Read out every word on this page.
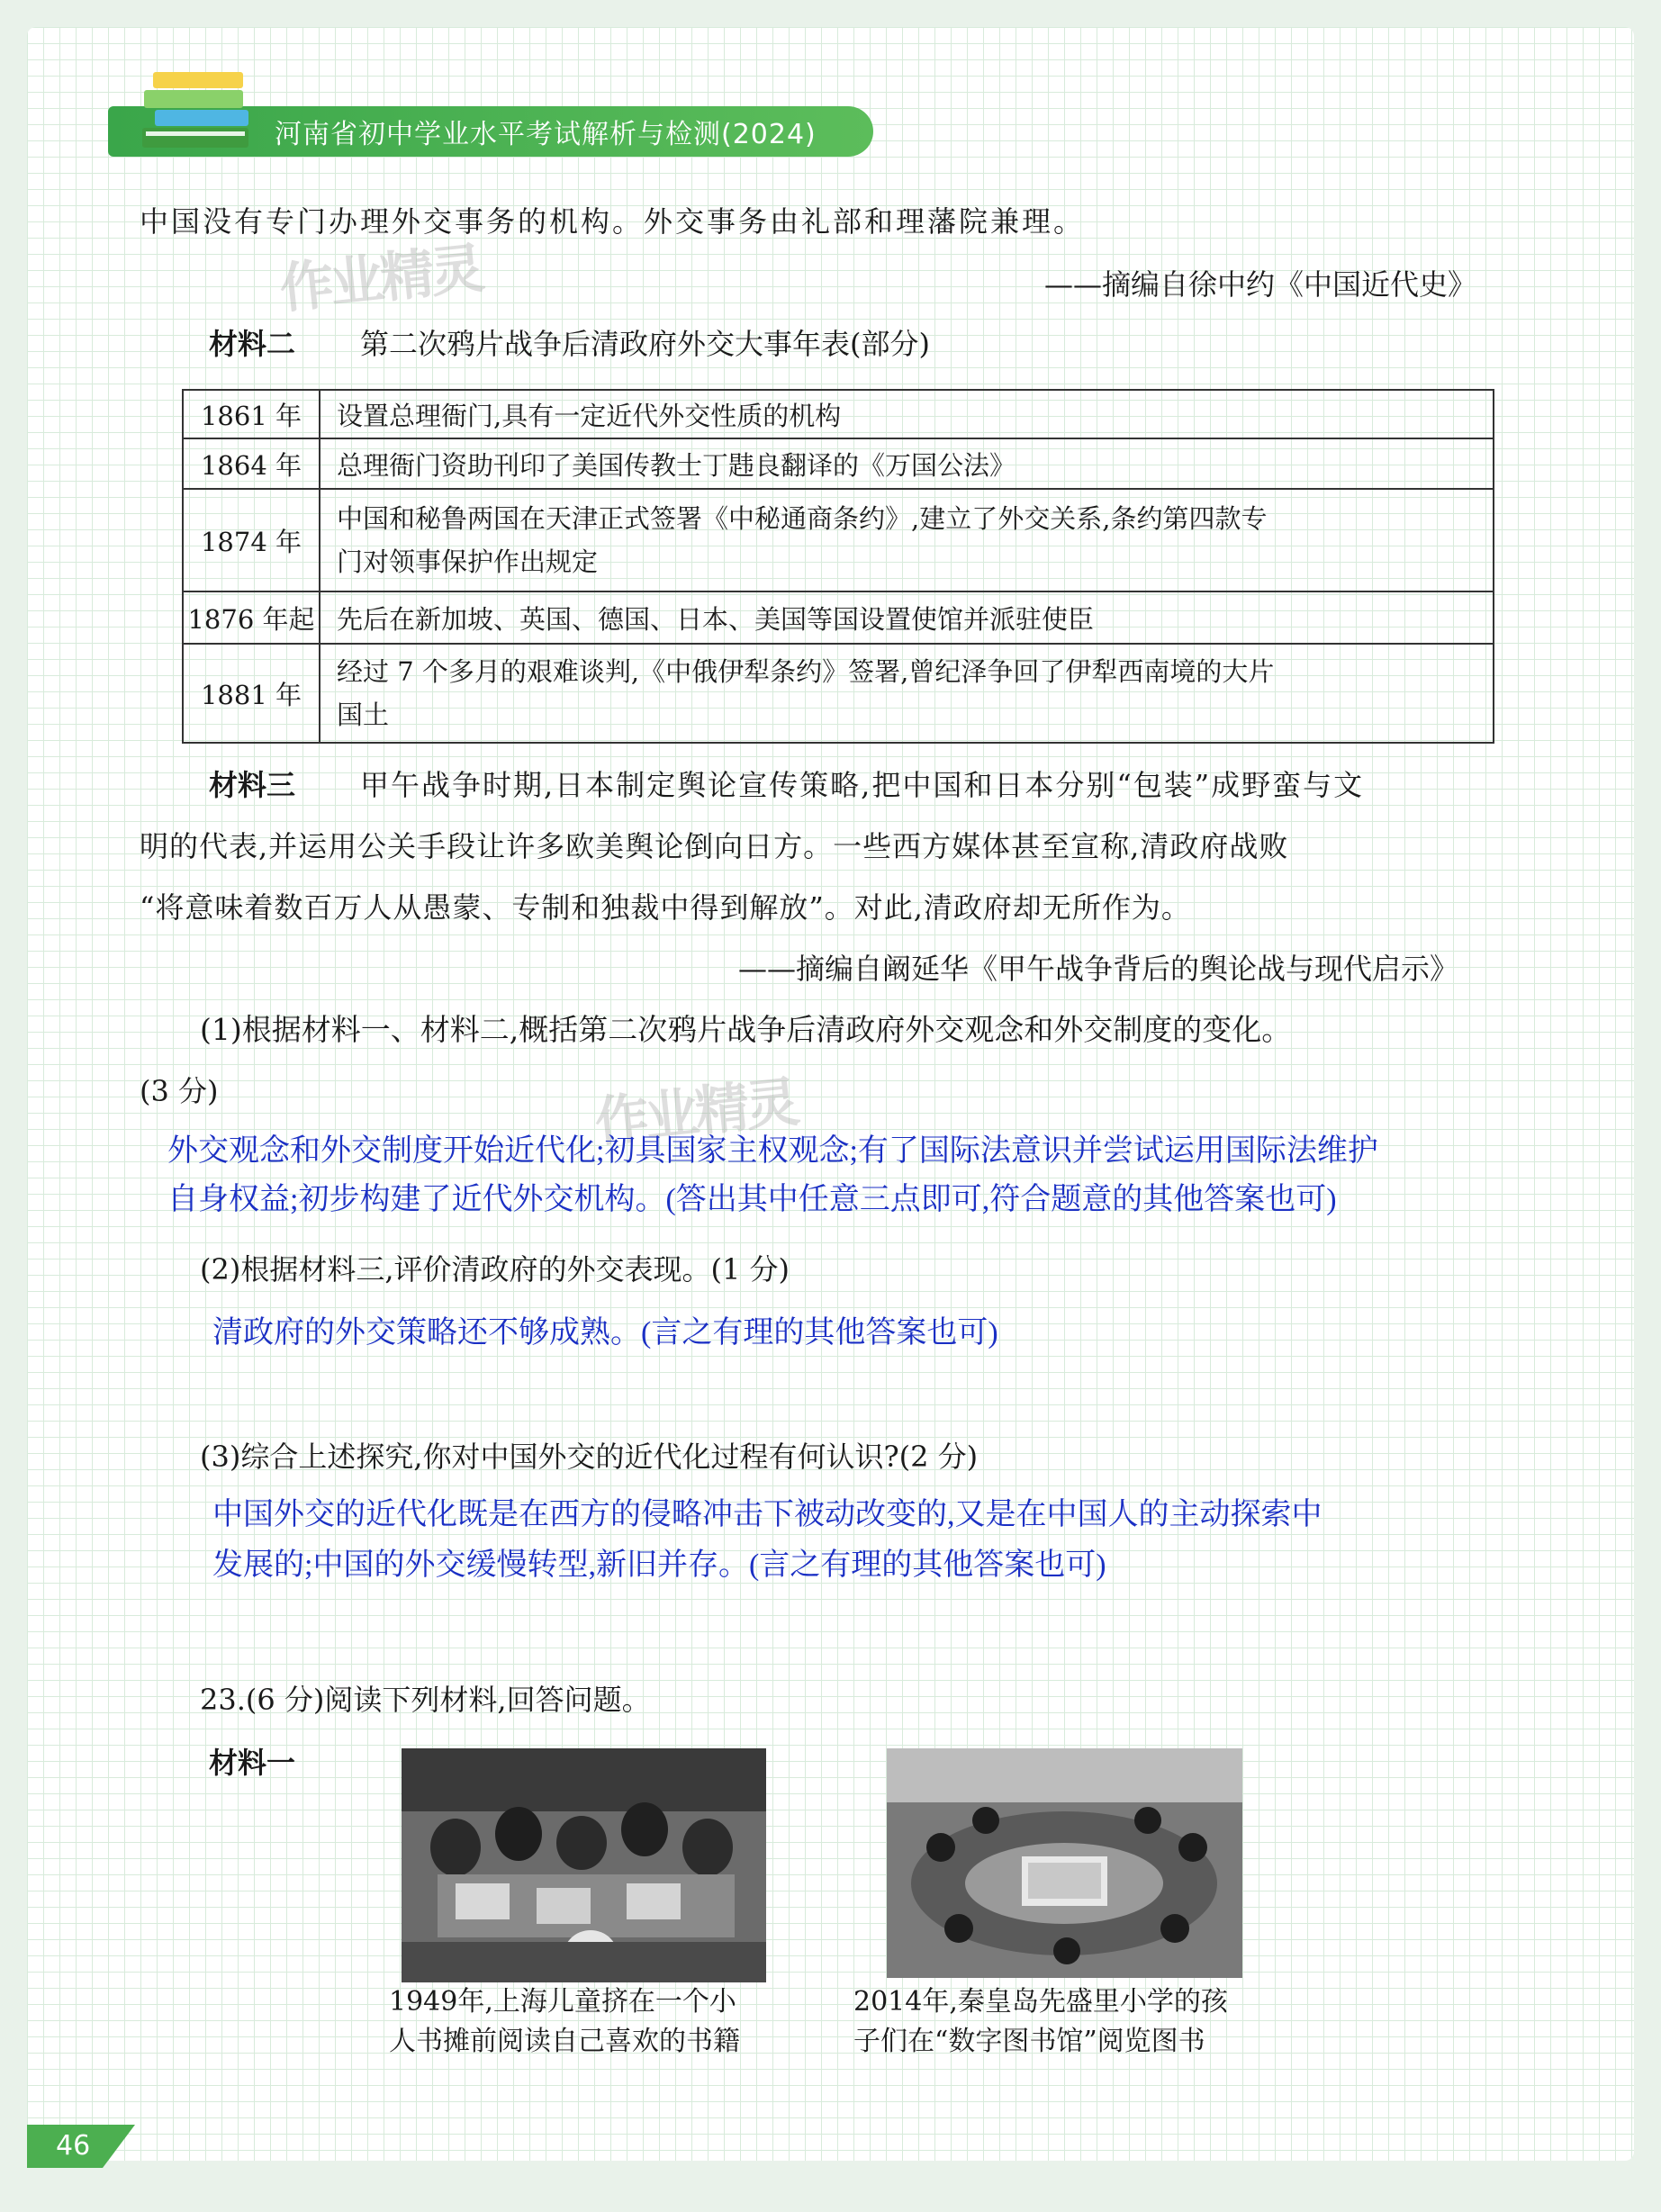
河南省初中学业水平考试解析与检测(2024)
中国没有专门办理外交事务的机构。外交事务由礼部和理藩院兼理。
作业精灵	——摘编自徐中约《中国近代史》
材料二 第二次鸦片战争后清政府外交大事年表(部分)
1861 年	设置总理衙门,具有一定近代外交性质的机构
1864 年	总理衙门资助刊印了美国传教士丁韪良翻译的《万国公法》
1874 年	中国和秘鲁两国在天津正式签署《中秘通商条约》,建立了外交关系,条约第四款专
门对领事保护作出规定

1876 年起	先后在新加坡、英国、德国、日本、美国等国设置使馆并派驻使臣
1881 年	经过 7 个多月的艰难谈判,《中俄伊犁条约》签署,曾纪泽争回了伊犁西南境的大片
国土
材料三 甲午战争时期,日本制定舆论宣传策略,把中国和日本分别“包装”成野蛮与文
明的代表,并运用公关手段让许多欧美舆论倒向日方。一些西方媒体甚至宣称,清政府战败
“将意味着数百万人从愚蒙、专制和独裁中得到解放”。对此,清政府却无所作为。
——摘编自阚延华《甲午战争背后的舆论战与现代启示》
(1)根据材料一、材料二,概括第二次鸦片战争后清政府外交观念和外交制度的变化。
(3 分)	作业精灵
外交观念和外交制度开始近代化;初具国家主权观念;有了国际法意识并尝试运用国际法维护
自身权益;初步构建了近代外交机构。(答出其中任意三点即可,符合题意的其他答案也可)
(2)根据材料三,评价清政府的外交表现。(1 分)
清政府的外交策略还不够成熟。(言之有理的其他答案也可)
(3)综合上述探究,你对中国外交的近代化过程有何认识?(2 分)
中国外交的近代化既是在西方的侵略冲击下被动改变的,又是在中国人的主动探索中
发展的;中国的外交缓慢转型,新旧并存。(言之有理的其他答案也可)
23.(6 分)阅读下列材料,回答问题。
材料一
1949年,上海儿童挤在一个小
人书摊前阅读自己喜欢的书籍
2014年,秦皇岛先盛里小学的孩
子们在“数字图书馆”阅览图书
46
